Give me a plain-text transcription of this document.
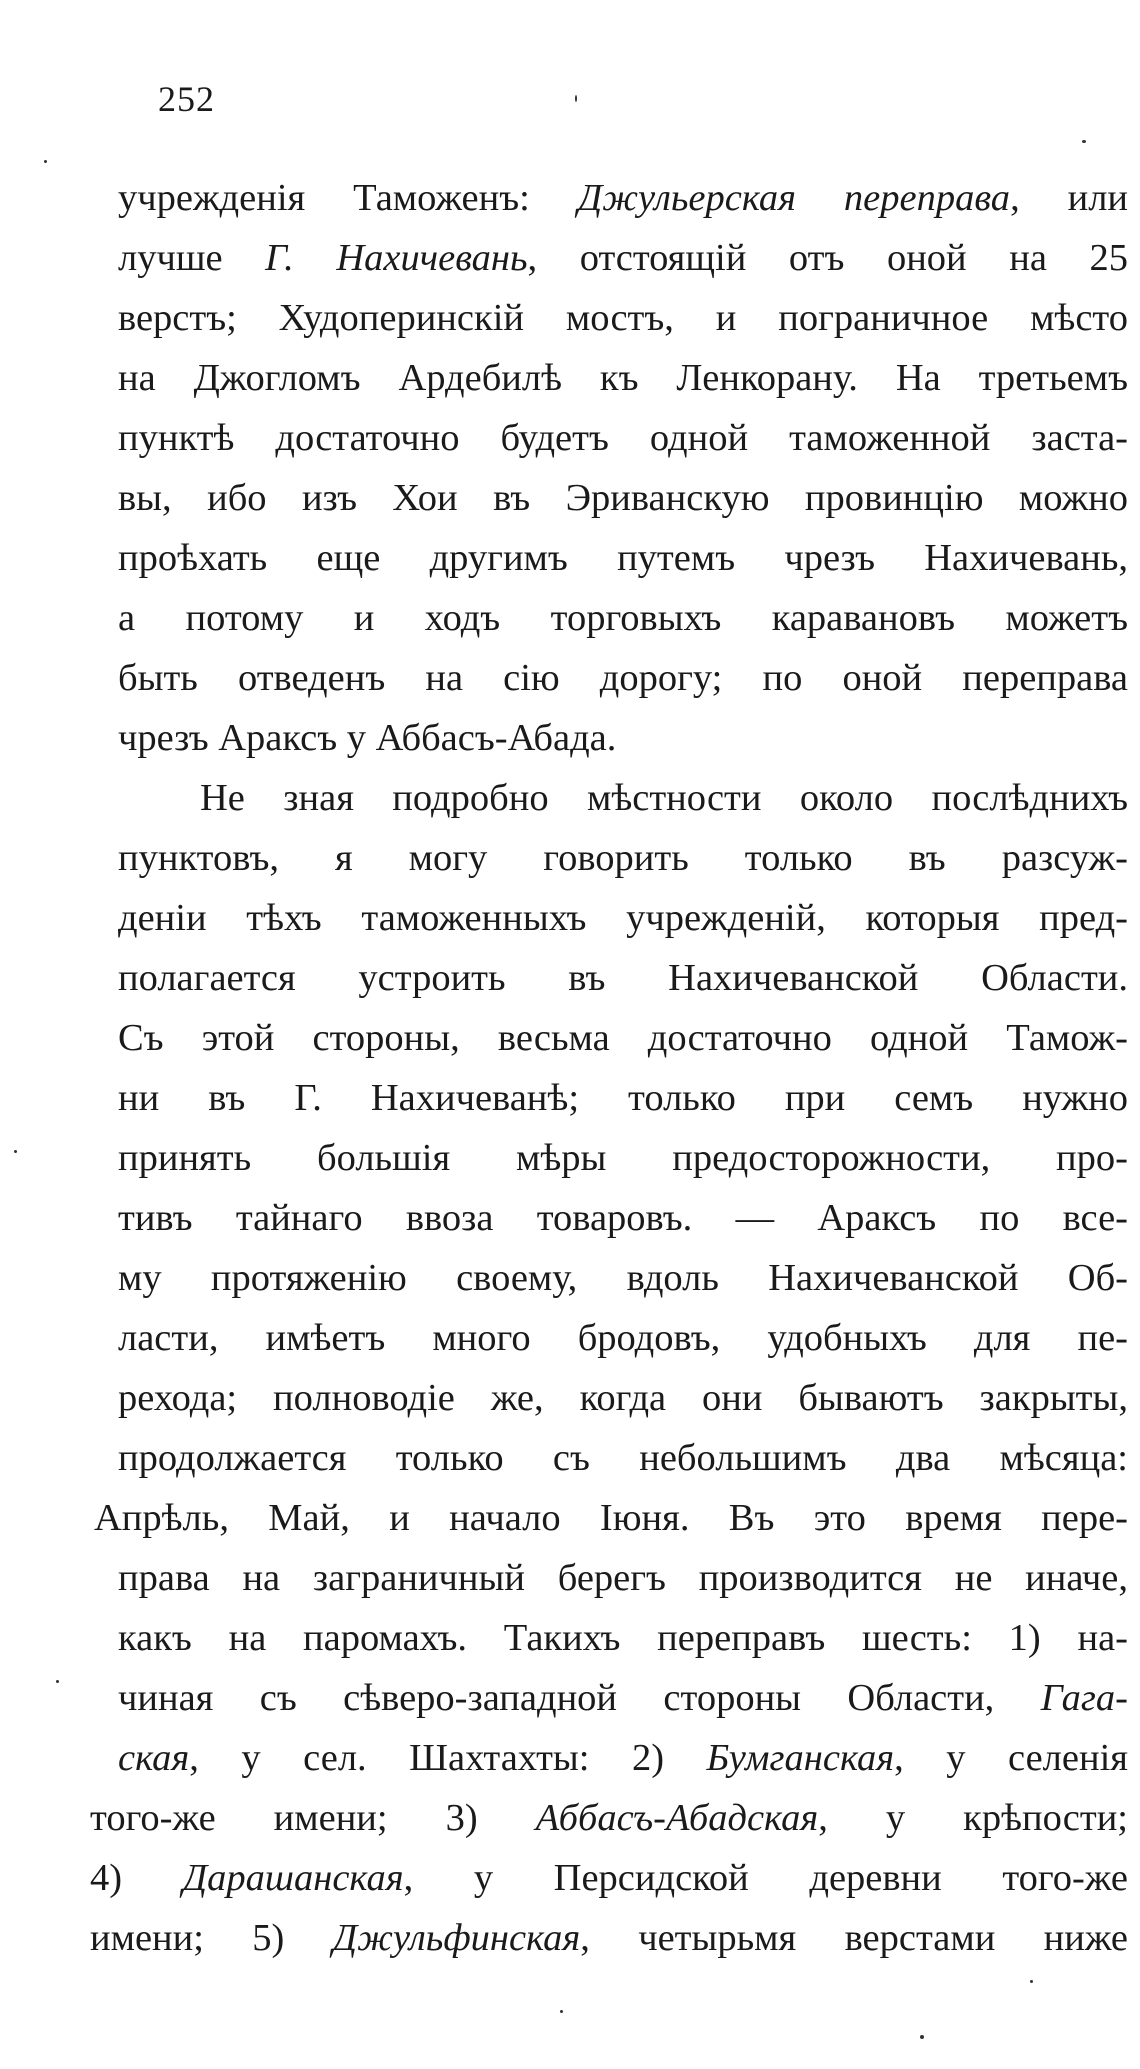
252
учрежденія Таможенъ: Джульерская переправа, или
лучше Г. Нахичевань, отстоящій отъ оной на 25
верстъ; Худоперинскій мостъ, и пограничное мѣсто
на Джогломъ Ардебилѣ къ Ленкорану. На третьемъ
пунктѣ достаточно будетъ одной таможенной заста-
вы, ибо изъ Хои въ Эриванскую провинцію можно
проѣхать еще другимъ путемъ чрезъ Нахичевань,
а потому и ходъ торговыхъ каравановъ можетъ
быть отведенъ на сію дорогу; по оной переправа
чрезъ Араксъ у Аббасъ-Абада.
Не зная подробно мѣстности около послѣднихъ
пунктовъ, я могу говорить только въ разсуж-
деніи тѣхъ таможенныхъ учрежденій, которыя пред-
полагается устроить въ Нахичеванской Области.
Съ этой стороны, весьма достаточно одной Тамож-
ни въ Г. Нахичеванѣ; только при семъ нужно
принять большія мѣры предосторожности, про-
тивъ тайнаго ввоза товаровъ. — Араксъ по все-
му протяженію своему, вдоль Нахичеванской Об-
ласти, имѣетъ много бродовъ, удобныхъ для пе-
рехода; полноводіе же, когда они бываютъ закрыты,
продолжается только съ небольшимъ два мѣсяца:
Апрѣль, Май, и начало Іюня. Въ это время пере-
права на заграничный берегъ производится не иначе,
какъ на паромахъ. Такихъ переправъ шесть: 1) на-
чиная съ сѣверо-западной стороны Области, Гага-
ская, у сел. Шахтахты: 2) Бумганская, у селенія
того-же имени; 3) Аббасъ-Абадская, у крѣпости;
4) Дарашанская, у Персидской деревни того-же
имени; 5) Джульфинская, четырьмя верстами ниже
